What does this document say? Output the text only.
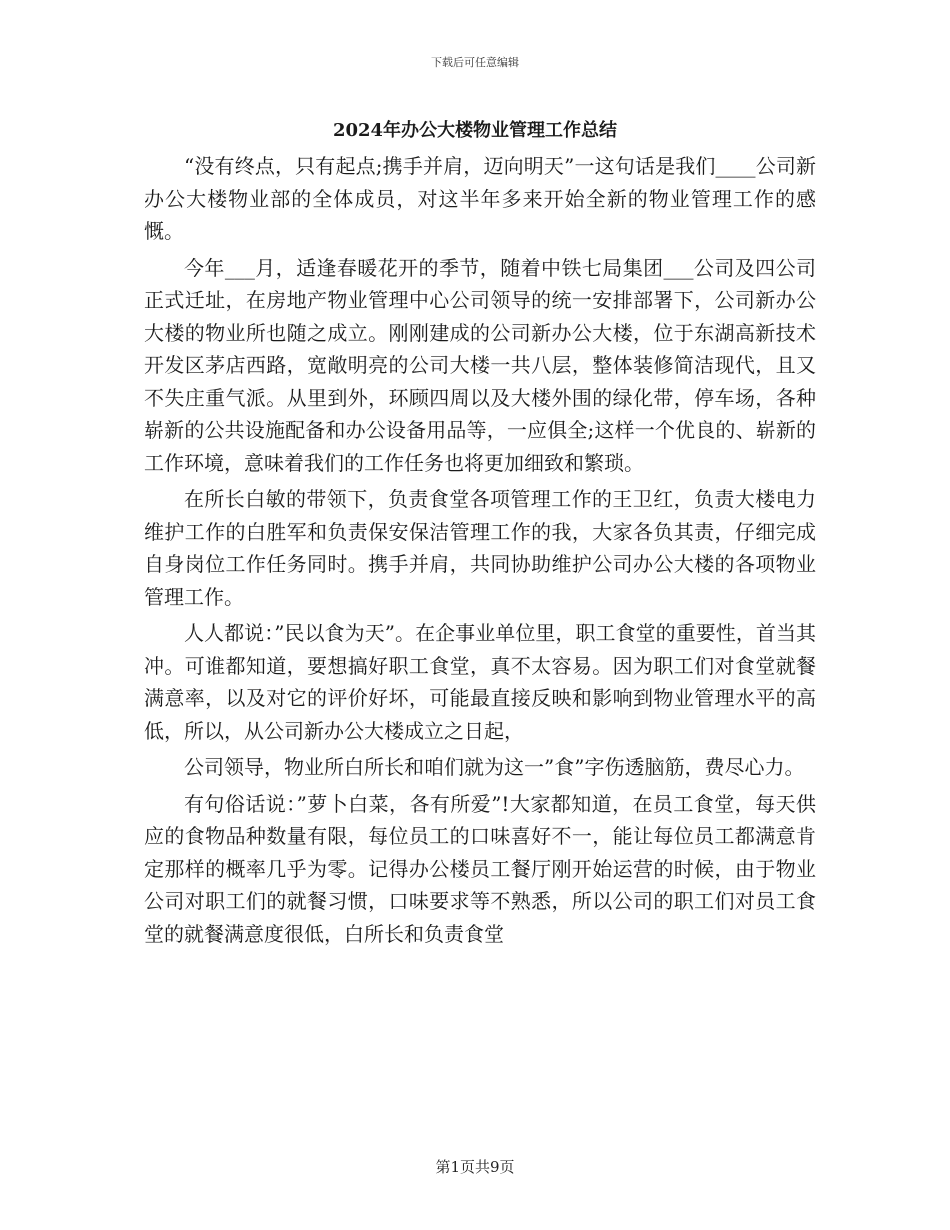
下载后可任意编辑
2024年办公大楼物业管理工作总结

“没有终点，只有起点;携手并肩，迈向明天”一这句话是我们____公司新办公大楼物业部的全体成员，对这半年多来开始全新的物业管理工作的感慨。

今年___月，适逢春暖花开的季节，随着中铁七局集团___公司及四公司正式迁址，在房地产物业管理中心公司领导的统一安排部署下，公司新办公大楼的物业所也随之成立。刚刚建成的公司新办公大楼，位于东湖高新技术开发区茅店西路，宽敞明亮的公司大楼一共八层，整体装修简洁现代，且又不失庄重气派。从里到外，环顾四周以及大楼外围的绿化带，停车场，各种崭新的公共设施配备和办公设备用品等，一应俱全;这样一个优良的、崭新的工作环境，意味着我们的工作任务也将更加细致和繁琐。

在所长白敏的带领下，负责食堂各项管理工作的王卫红，负责大楼电力维护工作的白胜军和负责保安保洁管理工作的我，大家各负其责，仔细完成自身岗位工作任务同时。携手并肩，共同协助维护公司办公大楼的各项物业管理工作。

人人都说：”民以食为天”。在企事业单位里，职工食堂的重要性，首当其冲。可谁都知道，要想搞好职工食堂，真不太容易。因为职工们对食堂就餐满意率，以及对它的评价好坏，可能最直接反映和影响到物业管理水平的高低，所以，从公司新办公大楼成立之日起，

公司领导，物业所白所长和咱们就为这一”食”字伤透脑筋，费尽心力。

有句俗话说：”萝卜白菜，各有所爱”!大家都知道，在员工食堂，每天供应的食物品种数量有限，每位员工的口味喜好不一，能让每位员工都满意肯定那样的概率几乎为零。记得办公楼员工餐厅刚开始运营的时候，由于物业公司对职工们的就餐习惯，口味要求等不熟悉，所以公司的职工们对员工食堂的就餐满意度很低，白所长和负责食堂

第1页共9页
